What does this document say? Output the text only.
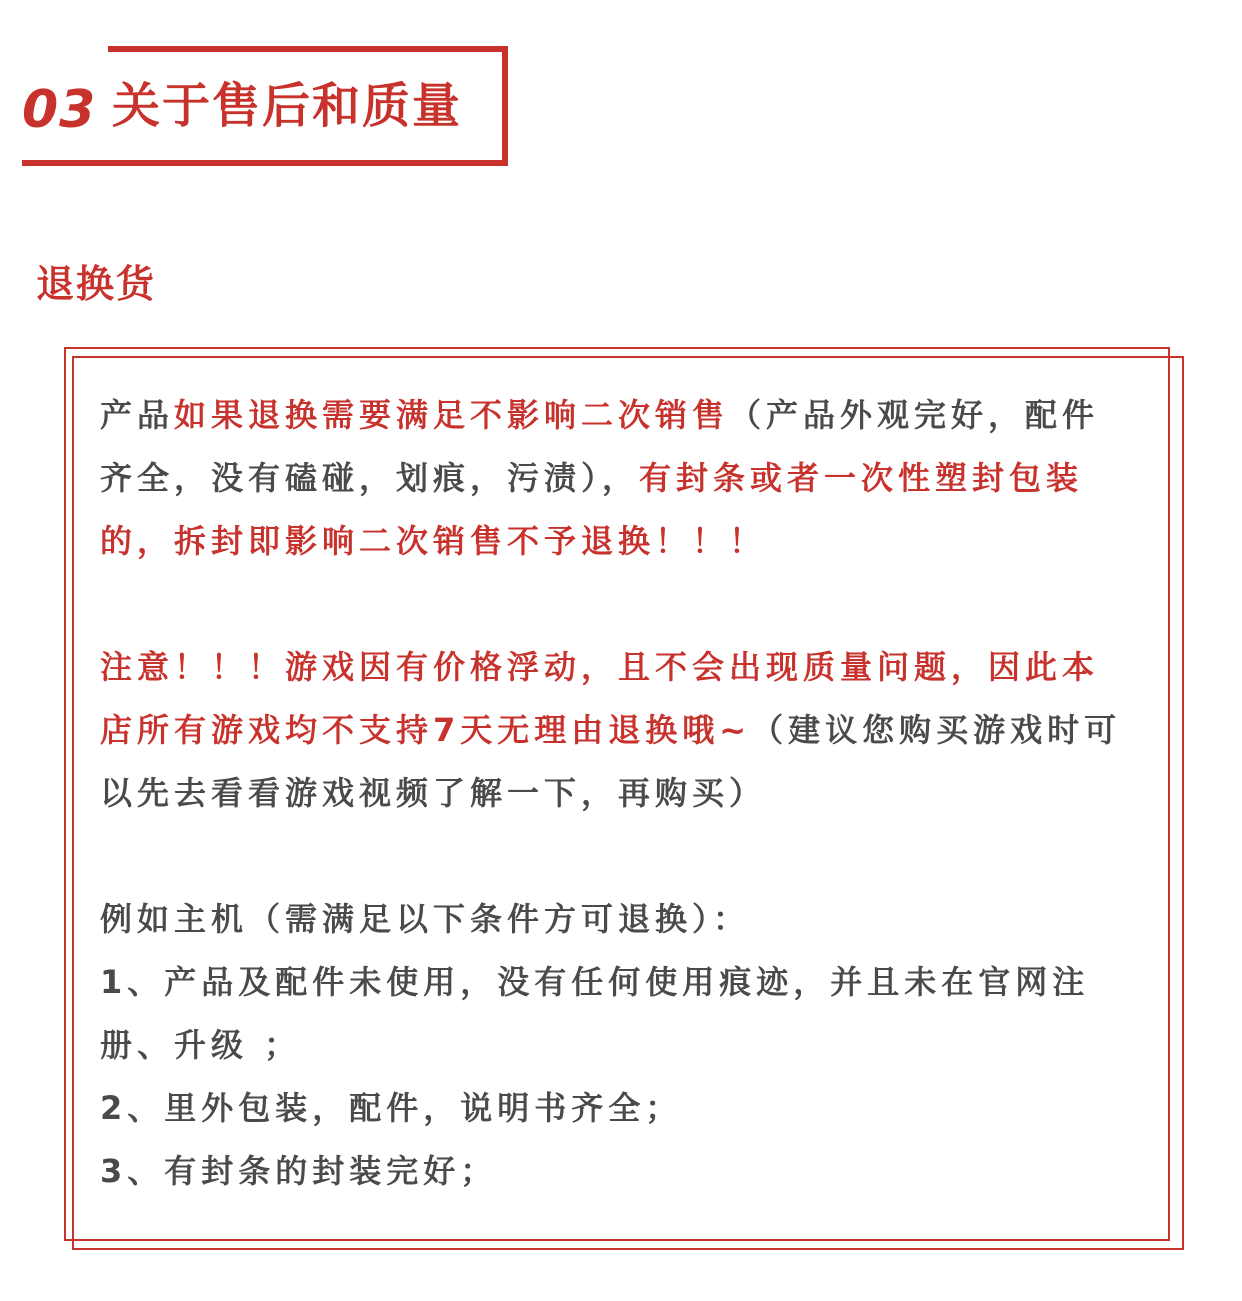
03 关于售后和质量
退换货

产品如果退换需要满足不影响二次销售（产品外观完好，配件齐全，没有磕碰，划痕，污渍），有封条或者一次性塑封包装的，拆封即影响二次销售不予退换！！！

注意！！！游戏因有价格浮动，且不会出现质量问题，因此本店所有游戏均不支持7天无理由退换哦~（建议您购买游戏时可以先去看看游戏视频了解一下，再购买）

例如主机（需满足以下条件方可退换）：

1、产品及配件未使用，没有任何使用痕迹，并且未在官网注册、升级 ；

2、里外包装，配件，说明书齐全；

3、有封条的封装完好；
